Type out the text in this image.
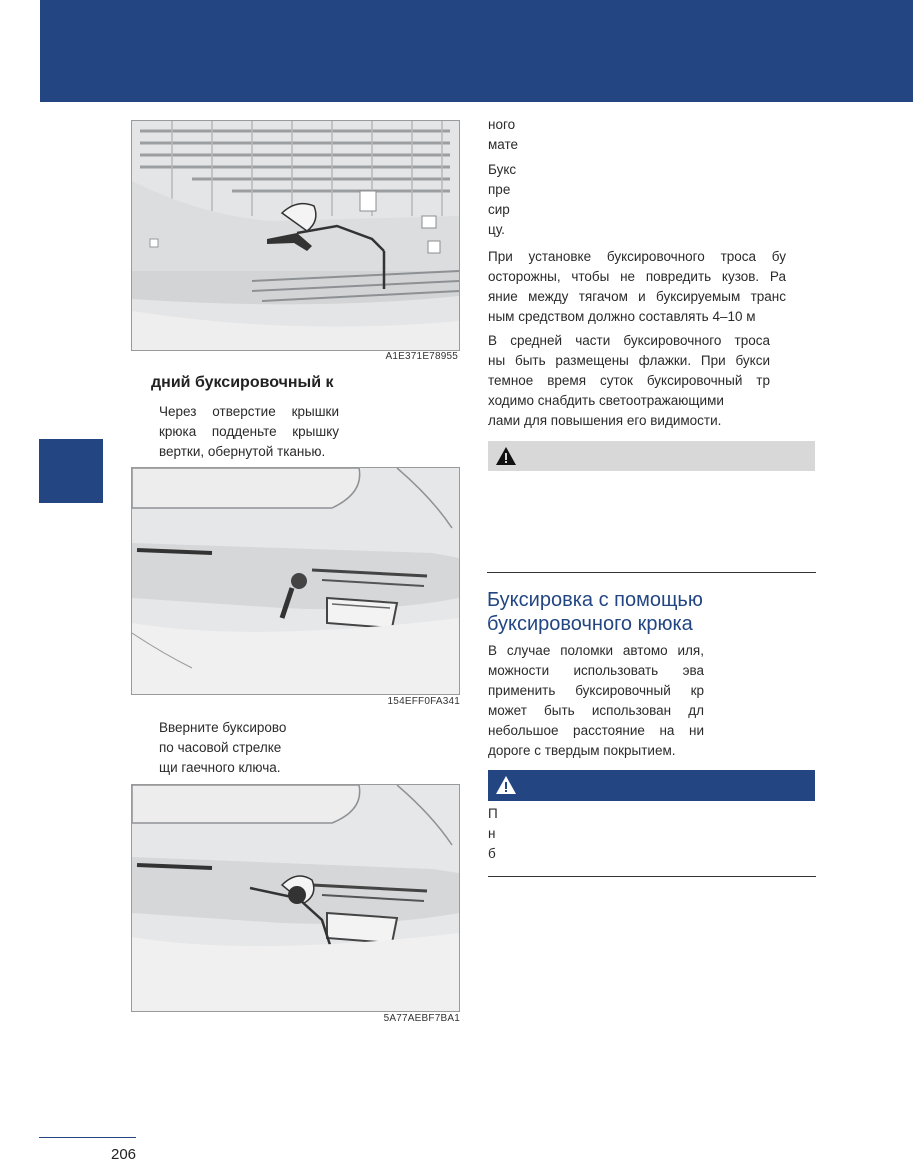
A1E371E78955
дний буксировочный к
Через отверстие крышки
крюка подденьте крышку
вертки, обернутой тканью.
154EFF0FA341
Вверните буксирово
по часовой стрелке
щи гаечного ключа.
5A77AEBF7BA1
ного
мате
Букс
пре
сир
цу.
При установке буксировочного троса бу
осторожны, чтобы не повредить кузов. Ра
яние между тягачом и буксируемым транс
ным средством должно составлять 4–10 м
В средней части буксировочного троса
ны быть размещены флажки. При букси
темное время суток буксировочный тр
ходимо снабдить светоотражающими
лами для повышения его видимости.
Буксировка с помощью
буксировочного крюка
В случае поломки автомо иля,
можности использовать эва
применить буксировочный кр
может быть использован дл
небольшое расстояние на ни
дороге с твердым покрытием.
П
н
б
206
